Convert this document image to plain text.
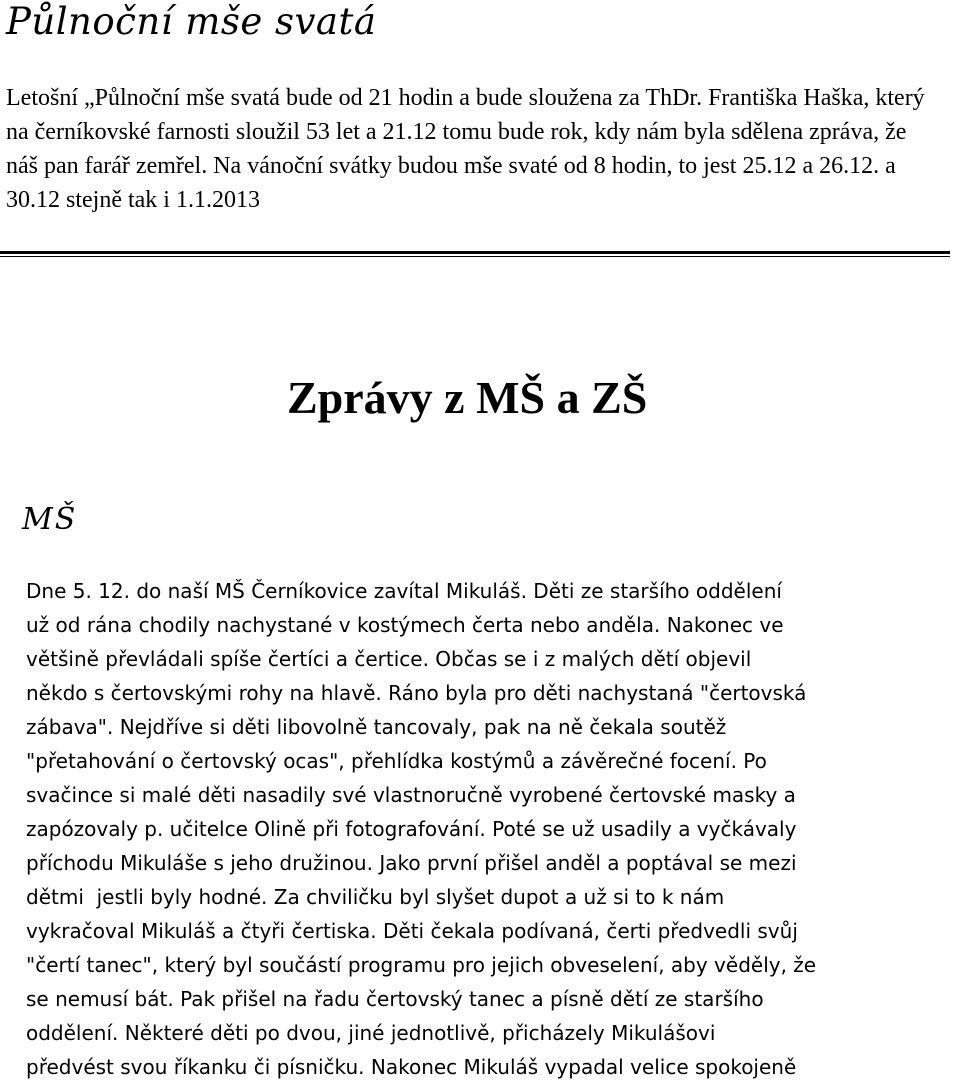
Půlnoční mše svatá

Letošní „Půlnoční mše svatá bude od 21 hodin a bude sloužena za ThDr. Františka Haška, který na černíkovské farnosti sloužil 53 let a 21.12 tomu bude rok, kdy nám byla sdělena zpráva, že náš pan farář zemřel. Na vánoční svátky budou mše svaté od 8 hodin, to jest 25.12 a 26.12. a 30.12 stejně tak i 1.1.2013

Zprávy z MŠ a ZŠ
MŠ

Dne 5. 12. do naší MŠ Černíkovice zavítal Mikuláš. Děti ze staršího oddělení
už od rána chodily nachystané v kostýmech čerta nebo anděla. Nakonec ve
většině převládali spíše čertíci a čertice. Občas se i z malých dětí objevil
někdo s čertovskými rohy na hlavě. Ráno byla pro děti nachystaná "čertovská
zábava". Nejdříve si děti libovolně tancovaly, pak na ně čekala soutěž
"přetahování o čertovský ocas", přehlídka kostýmů a závěrečné focení. Po
svačince si malé děti nasadily své vlastnoručně vyrobené čertovské masky a
zapózovaly p. učitelce Olině při fotografování. Poté se už usadily a vyčkávaly
příchodu Mikuláše s jeho družinou. Jako první přišel anděl a poptával se mezi
dětmi  jestli byly hodné. Za chviličku byl slyšet dupot a už si to k nám
vykračoval Mikuláš a čtyři čertiska. Děti čekala podívaná, čerti předvedli svůj
"čertí tanec", který byl součástí programu pro jejich obveselení, aby věděly, že
se nemusí bát. Pak přišel na řadu čertovský tanec a písně dětí ze staršího
oddělení. Některé děti po dvou, jiné jednotlivě, přicházely Mikulášovi
předvést svou říkanku či písničku. Nakonec Mikuláš vypadal velice spokojeně
